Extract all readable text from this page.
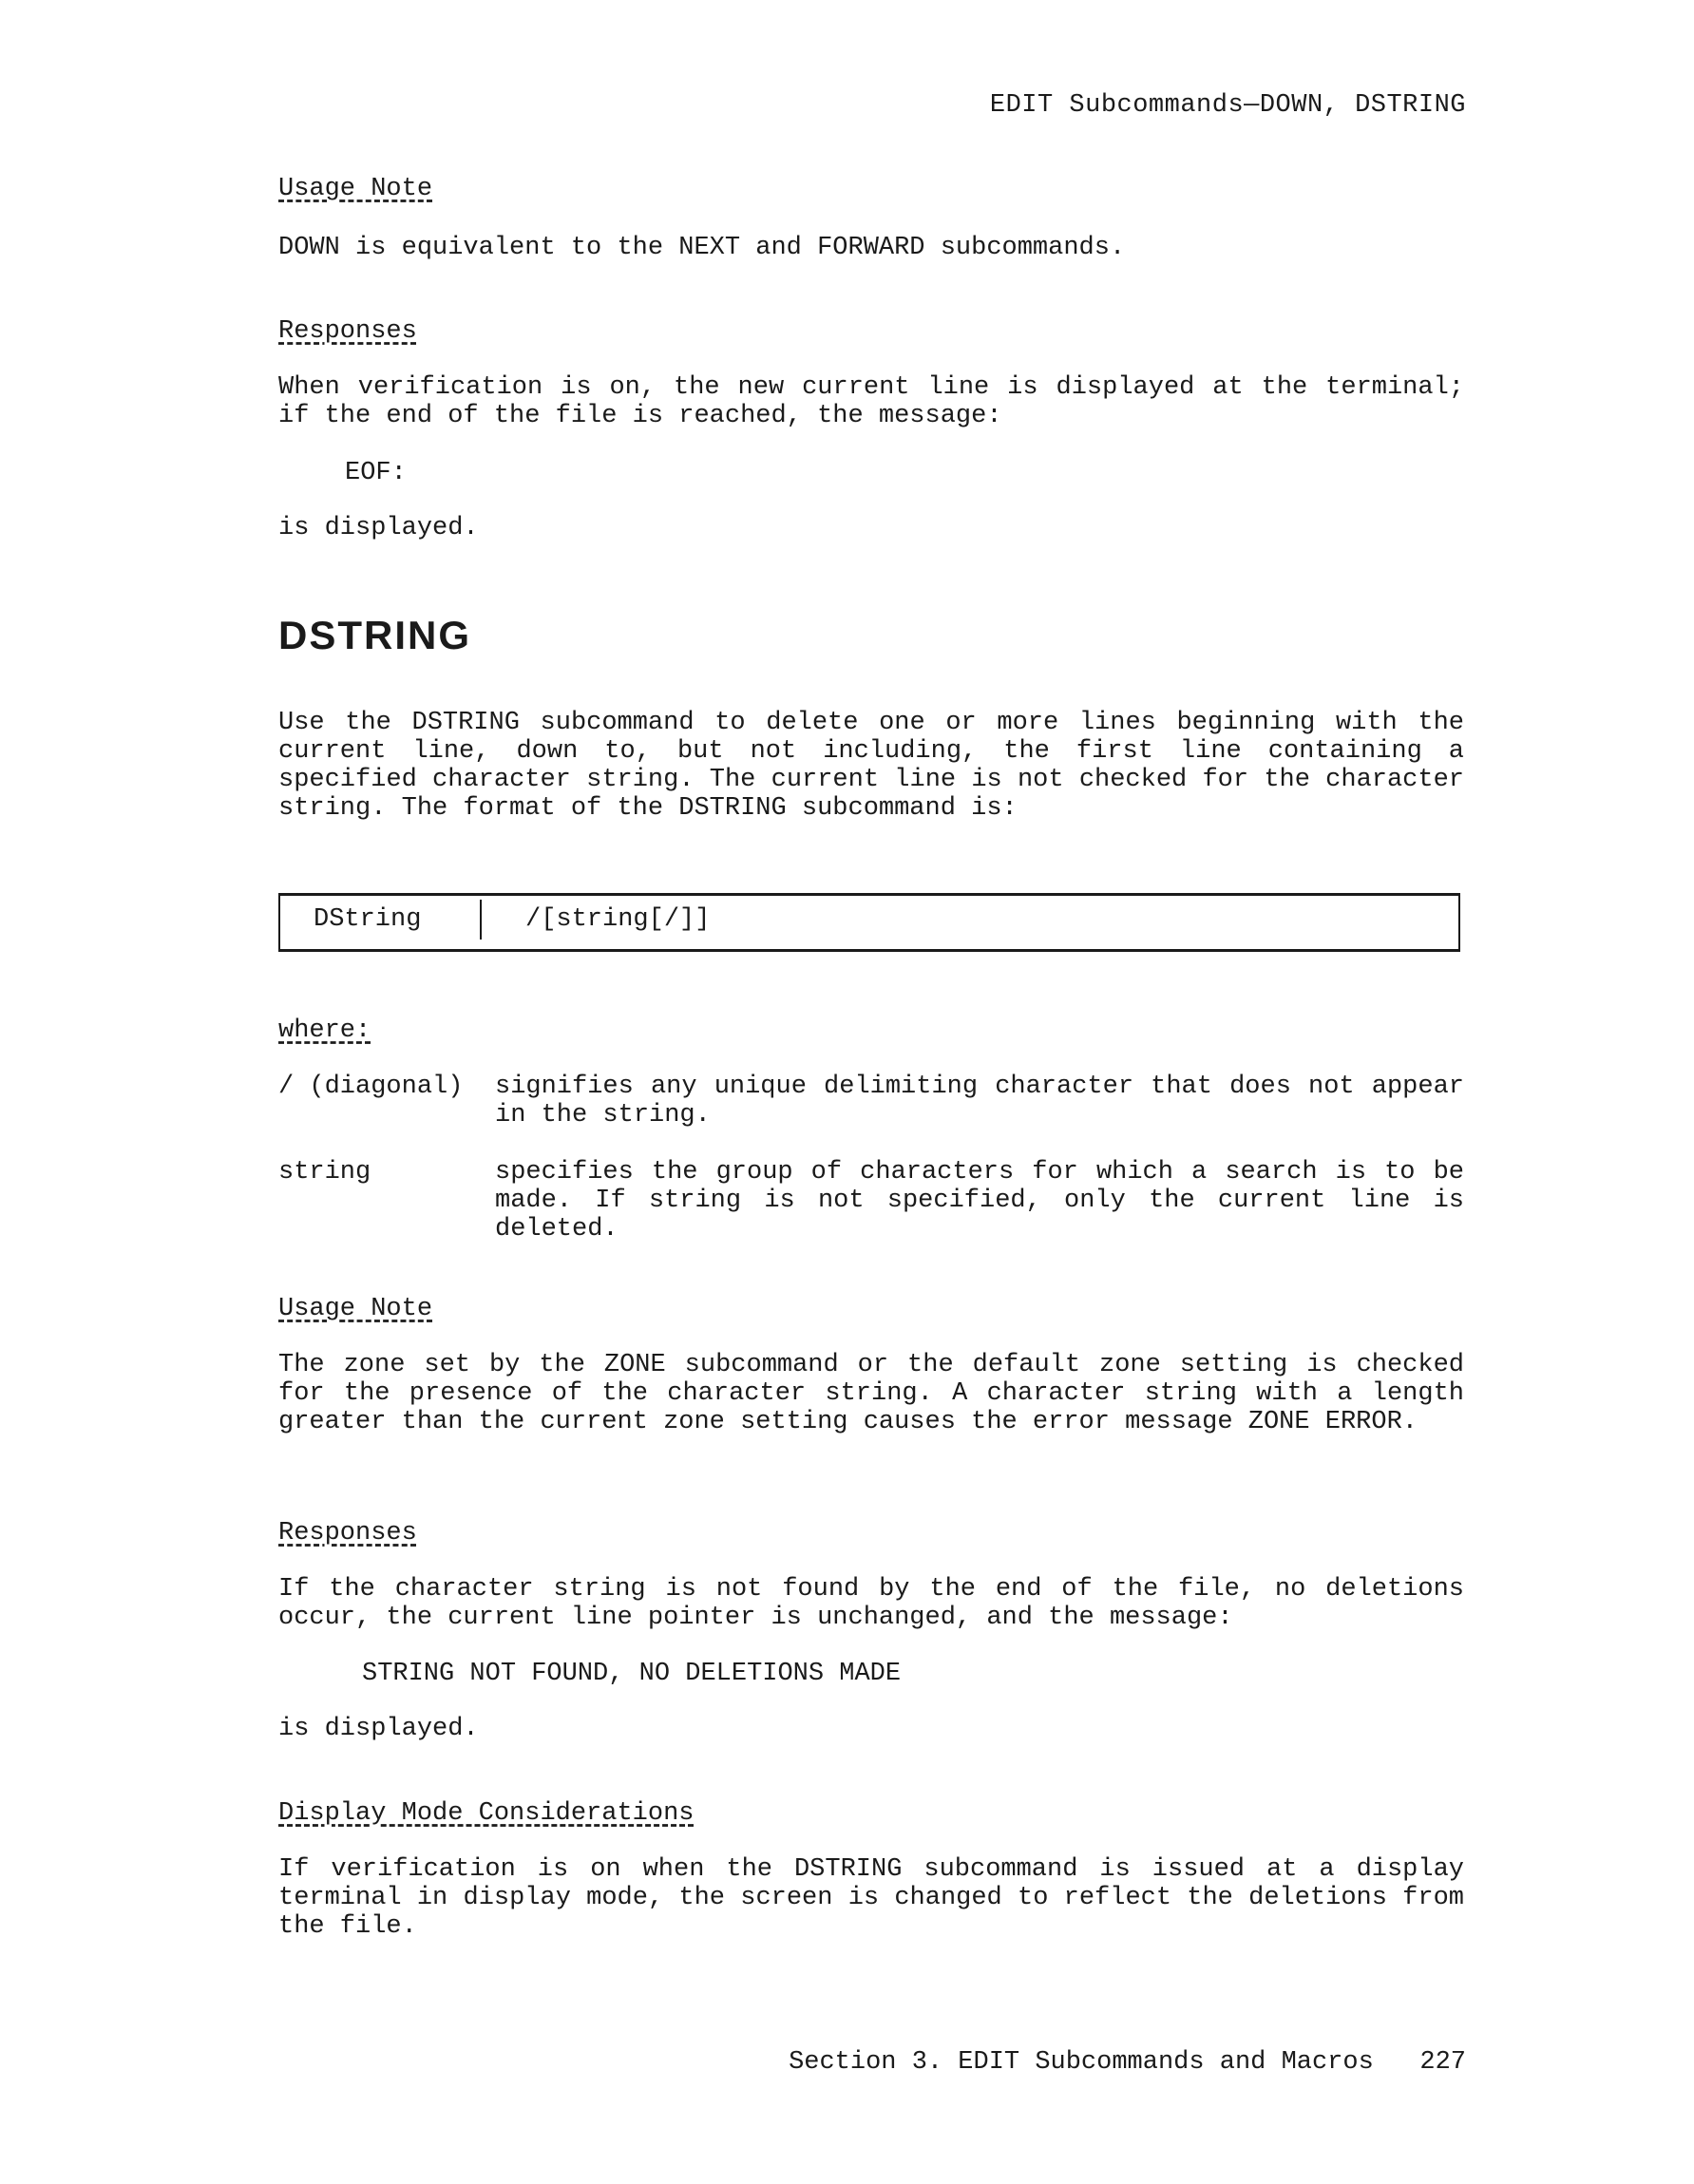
EDIT Subcommands—DOWN, DSTRING
Usage Note
DOWN is equivalent to the NEXT and FORWARD subcommands.
Responses
When verification is on, the new current line is displayed at the terminal; if the end of the file is reached, the message:
EOF:
is displayed.
DSTRING
Use the DSTRING subcommand to delete one or more lines beginning with the current line, down to, but not including, the first line containing a specified character string. The current line is not checked for the character string. The format of the DSTRING subcommand is:
DString	/[string[/]]
where:
/ (diagonal)	signifies any unique delimiting character that does not appear in the string.
string	specifies the group of characters for which a search is to be made. If string is not specified, only the current line is deleted.
Usage Note
The zone set by the ZONE subcommand or the default zone setting is checked for the presence of the character string. A character string with a length greater than the current zone setting causes the error message ZONE ERROR.
Responses
If the character string is not found by the end of the file, no deletions occur, the current line pointer is unchanged, and the message:
STRING NOT FOUND, NO DELETIONS MADE
is displayed.
Display Mode Considerations
If verification is on when the DSTRING subcommand is issued at a display terminal in display mode, the screen is changed to reflect the deletions from the file.
Section 3. EDIT Subcommands and Macros   227
